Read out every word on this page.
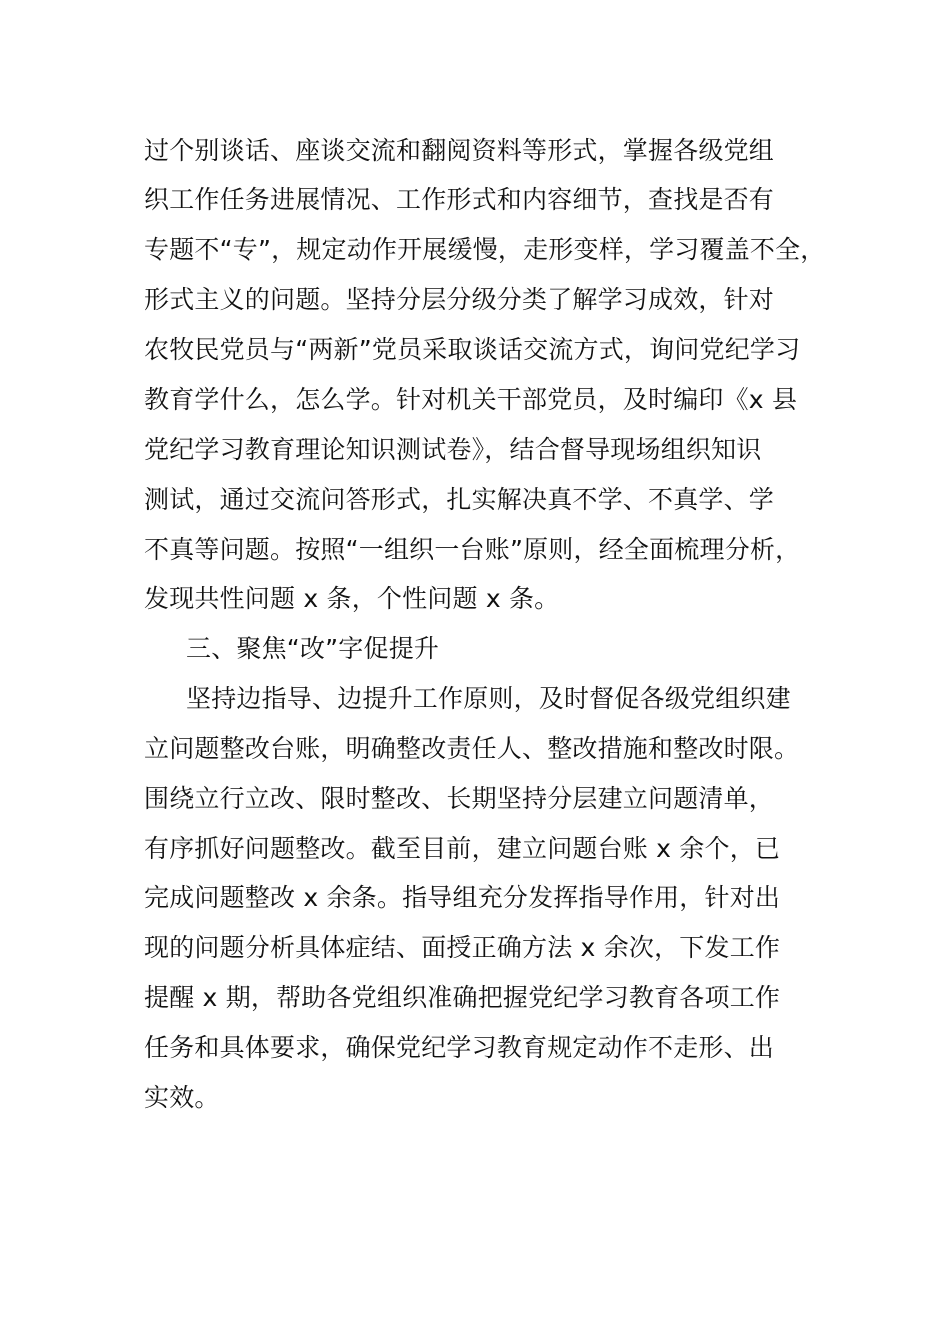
过个别谈话、座谈交流和翻阅资料等形式，掌握各级党组
织工作任务进展情况、工作形式和内容细节，查找是否有
专题不“专”，规定动作开展缓慢，走形变样，学习覆盖不全，
形式主义的问题。坚持分层分级分类了解学习成效，针对
农牧民党员与“两新”党员采取谈话交流方式，询问党纪学习
教育学什么，怎么学。针对机关干部党员，及时编印《x 县
党纪学习教育理论知识测试卷》，结合督导现场组织知识
测试，通过交流问答形式，扎实解决真不学、不真学、学
不真等问题。按照“一组织一台账”原则，经全面梳理分析，
发现共性问题 x 条，个性问题 x 条。
三、聚焦“改”字促提升
坚持边指导、边提升工作原则，及时督促各级党组织建
立问题整改台账，明确整改责任人、整改措施和整改时限。
围绕立行立改、限时整改、长期坚持分层建立问题清单，
有序抓好问题整改。截至目前，建立问题台账 x 余个，已
完成问题整改 x 余条。指导组充分发挥指导作用，针对出
现的问题分析具体症结、面授正确方法 x 余次，下发工作
提醒 x 期，帮助各党组织准确把握党纪学习教育各项工作
任务和具体要求，确保党纪学习教育规定动作不走形、出
实效。
